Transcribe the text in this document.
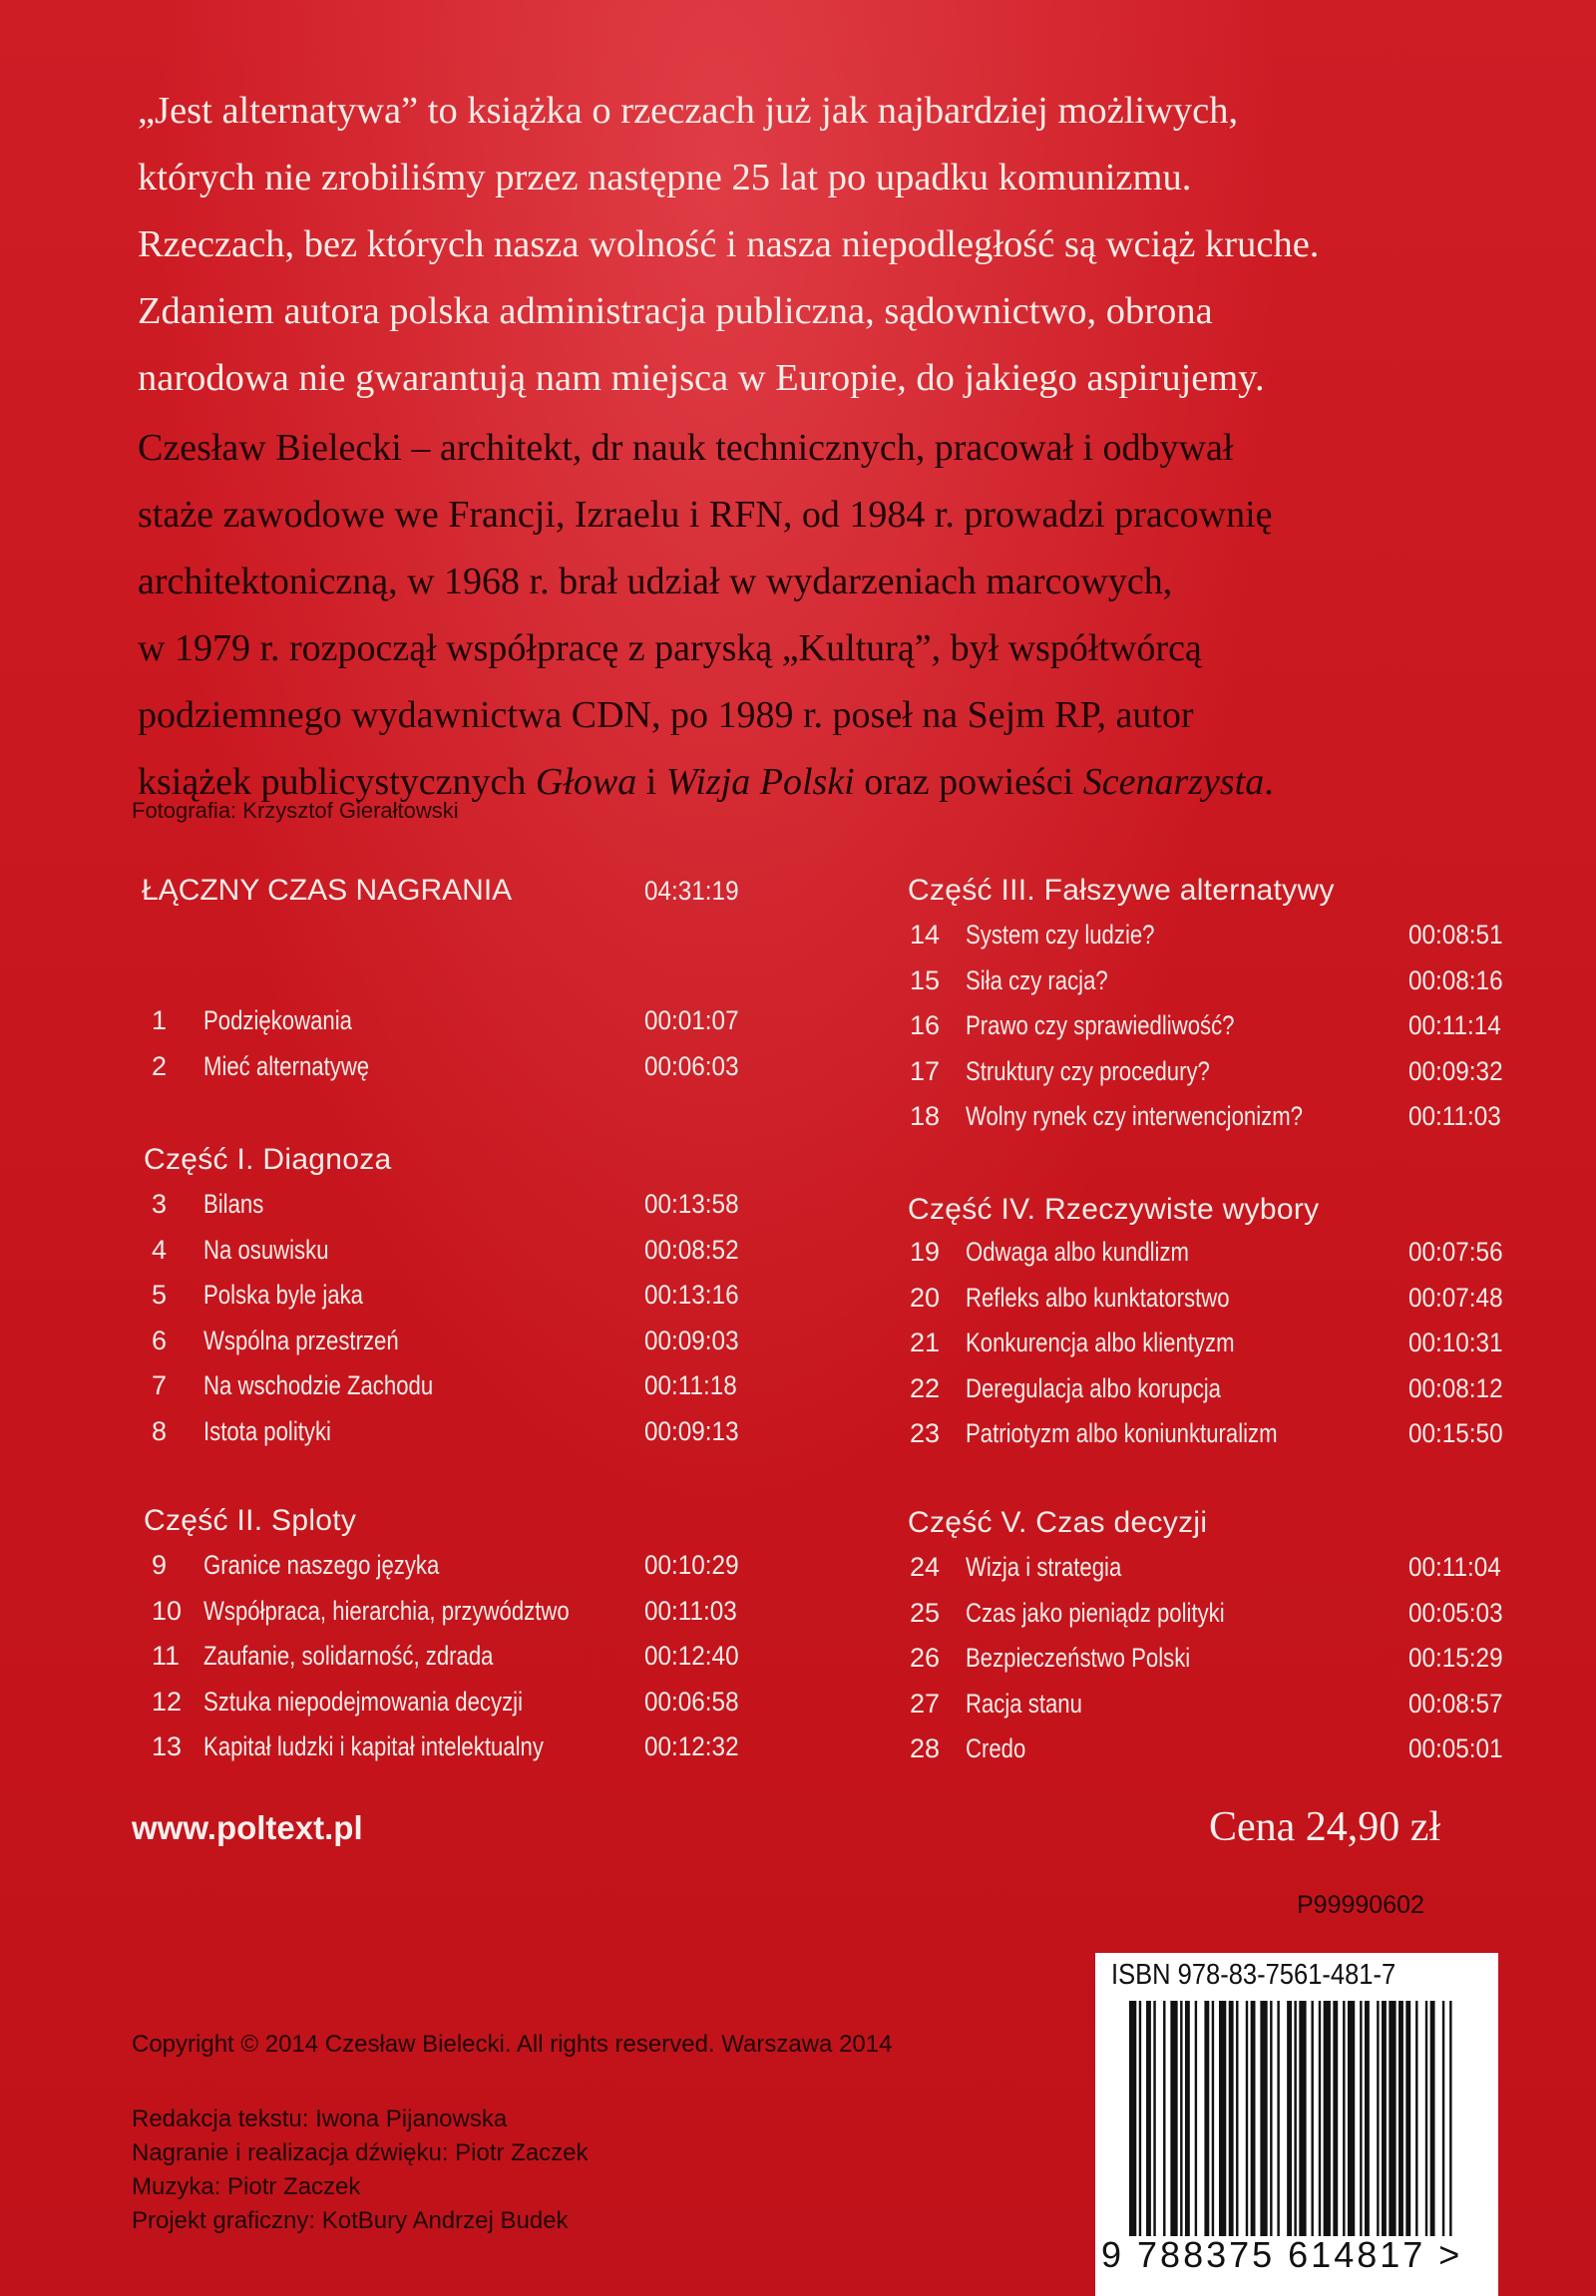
„Jest alternatywa” to książka o rzeczach już jak najbardziej możliwych,
których nie zrobiliśmy przez następne 25 lat po upadku komunizmu.
Rzeczach, bez których nasza wolność i nasza niepodległość są wciąż kruche.
Zdaniem autora polska administracja publiczna, sądownictwo, obrona
narodowa nie gwarantują nam miejsca w Europie, do jakiego aspirujemy.
Czesław Bielecki – architekt, dr nauk technicznych, pracował i odbywał
staże zawodowe we Francji, Izraelu i RFN, od 1984 r. prowadzi pracownię
architektoniczną, w 1968 r. brał udział w wydarzeniach marcowych,
w 1979 r. rozpoczął współpracę z paryską „Kulturą”, był współtwórcą
podziemnego wydawnictwa CDN, po 1989 r. poseł na Sejm RP, autor
książek publicystycznych Głowa i Wizja Polski oraz powieści Scenarzysta.
Fotografia: Krzysztof Gierałtowski
ŁĄCZNY CZAS NAGRANIA	04:31:19
1 Podziękowania	00:01:07
2 Mieć alternatywę	00:06:03
Część I. Diagnoza
3 Bilans	00:13:58
4 Na osuwisku	00:08:52
5 Polska byle jaka	00:13:16
6 Wspólna przestrzeń	00:09:03
7 Na wschodzie Zachodu	00:11:18
8 Istota polityki	00:09:13
Część II. Sploty
9 Granice naszego języka	00:10:29
10 Współpraca, hierarchia, przywództwo	00:11:03
11 Zaufanie, solidarność, zdrada	00:12:40
12 Sztuka niepodejmowania decyzji	00:06:58
13 Kapitał ludzki i kapitał intelektualny	00:12:32
Część III. Fałszywe alternatywy
14 System czy ludzie?	00:08:51
15 Siła czy racja?	00:08:16
16 Prawo czy sprawiedliwość?	00:11:14
17 Struktury czy procedury?	00:09:32
18 Wolny rynek czy interwencjonizm?	00:11:03
Część IV. Rzeczywiste wybory
19 Odwaga albo kundlizm	00:07:56
20 Refleks albo kunktatorstwo	00:07:48
21 Konkurencja albo klientyzm	00:10:31
22 Deregulacja albo korupcja	00:08:12
23 Patriotyzm albo koniunkturalizm	00:15:50
Część V. Czas decyzji
24 Wizja i strategia	00:11:04
25 Czas jako pieniądz polityki	00:05:03
26 Bezpieczeństwo Polski	00:15:29
27 Racja stanu	00:08:57
28 Credo	00:05:01
www.poltext.pl	Cena 24,90 zł
P99990602
Copyright © 2014 Czesław Bielecki. All rights reserved. Warszawa 2014
Redakcja tekstu: Iwona Pijanowska
Nagranie i realizacja dźwięku: Piotr Zaczek
Muzyka: Piotr Zaczek
Projekt graficzny: KotBury Andrzej Budek
ISBN 978-83-7561-481-7
9 788375 614817 >
